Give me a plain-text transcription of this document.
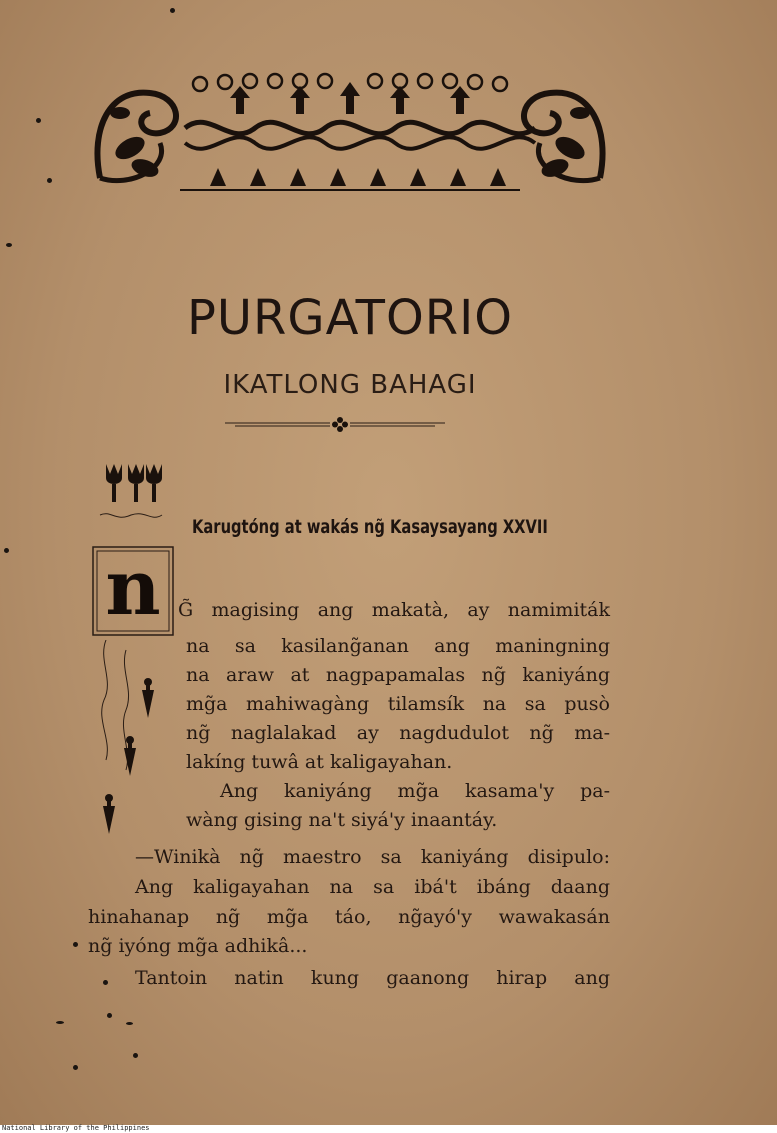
PURGATORIO
IKATLONG BAHAGI
Karugtóng at wakás ng̃ Kasaysayang XXVII
n G̃ magising ang makatà, ay namimiták
na sa kasilang̃anan ang maningning
na araw at nagpapamalas ng̃ kaniyáng
mg̃a mahiwagàng tilamsík na sa pusò
ng̃ naglalakad ay nagdudulot ng̃ ma-
lakíng tuwâ at kaligayahan.
Ang kaniyáng mg̃a kasama'y pa-
wàng gising na't siyá'y inaantáy.
—Winikà ng̃ maestro sa kaniyáng disipulo:
Ang kaligayahan na sa ibá't ibáng daang
hinahanap ng̃ mg̃a táo, ng̃ayó'y wawakasán
ng̃ iyóng mg̃a adhikâ...
Tantoin natin kung gaanong hirap ang
National Library of the Philippines
